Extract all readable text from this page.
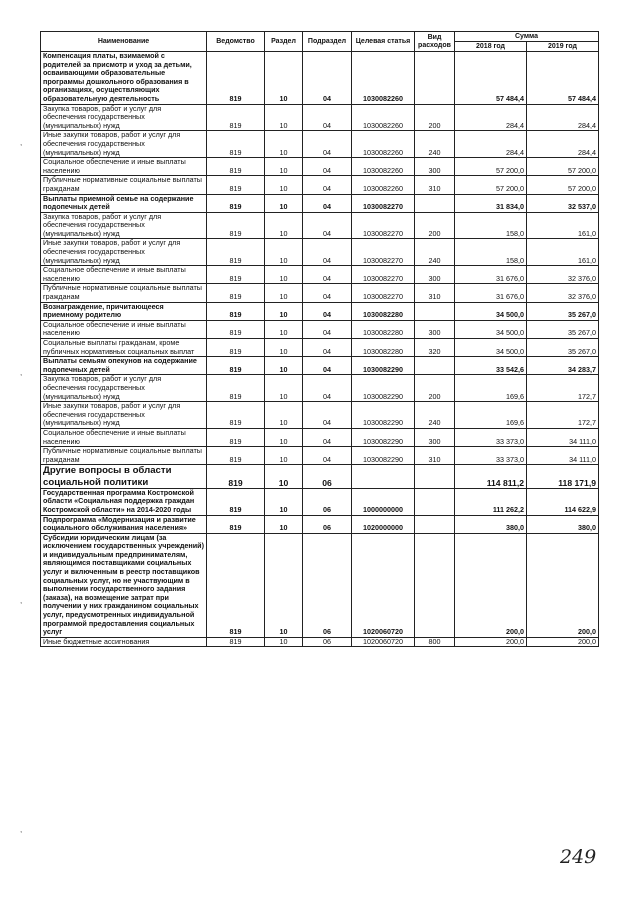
Наименование	Ведомство	Раздел	Подраздел	Целевая статья	Вид расходов	Сумма	
						2018 год	2019 год
Компенсация платы, взимаемой с родителей за присмотр и уход за детьми, осваивающими образовательные программы дошкольного образования в организациях, осуществляющих образовательную деятельность	819	10	04	1030082260		57 484,4	57 484,4
Закупка товаров, работ и услуг для обеспечения государственных (муниципальных) нужд	819	10	04	1030082260	200	284,4	284,4
Иные закупки товаров, работ и услуг для обеспечения государственных (муниципальных) нужд	819	10	04	1030082260	240	284,4	284,4
Социальное обеспечение и иные выплаты населению	819	10	04	1030082260	300	57 200,0	57 200,0
Публичные нормативные социальные выплаты гражданам	819	10	04	1030082260	310	57 200,0	57 200,0
Выплаты приемной семье на содержание подопечных детей	819	10	04	1030082270		31 834,0	32 537,0
Закупка товаров, работ и услуг для обеспечения государственных (муниципальных) нужд	819	10	04	1030082270	200	158,0	161,0
Иные закупки товаров, работ и услуг для обеспечения государственных (муниципальных) нужд	819	10	04	1030082270	240	158,0	161,0
Социальное обеспечение и иные выплаты населению	819	10	04	1030082270	300	31 676,0	32 376,0
Публичные нормативные социальные выплаты гражданам	819	10	04	1030082270	310	31 676,0	32 376,0
Вознаграждение, причитающееся приемному родителю	819	10	04	1030082280		34 500,0	35 267,0
Социальное обеспечение и иные выплаты населению	819	10	04	1030082280	300	34 500,0	35 267,0
Социальные выплаты гражданам, кроме публичных нормативных социальных выплат	819	10	04	1030082280	320	34 500,0	35 267,0
Выплаты семьям опекунов на содержание подопечных детей	819	10	04	1030082290		33 542,6	34 283,7
Закупка товаров, работ и услуг для обеспечения государственных (муниципальных) нужд	819	10	04	1030082290	200	169,6	172,7
Иные закупки товаров, работ и услуг для обеспечения государственных (муниципальных) нужд	819	10	04	1030082290	240	169,6	172,7
Социальное обеспечение и иные выплаты населению	819	10	04	1030082290	300	33 373,0	34 111,0
Публичные нормативные социальные выплаты гражданам	819	10	04	1030082290	310	33 373,0	34 111,0
Другие вопросы в области социальной политики	819	10	06			114 811,2	118 171,9
Государственная программа Костромской области «Социальная поддержка граждан Костромской области» на 2014-2020 годы	819	10	06	1000000000		111 262,2	114 622,9
Подпрограмма «Модернизация и развитие социального обслуживания населения»	819	10	06	1020000000		380,0	380,0
Субсидии юридическим лицам (за исключением государственных учреждений) и индивидуальным предпринимателям, являющимся поставщиками социальных услуг и включенным в реестр поставщиков социальных услуг, но не участвующим в выполнении государственного задания (заказа), на возмещение затрат при получении у них гражданином социальных услуг, предусмотренных индивидуальной программой предоставления социальных услуг	819	10	06	1020060720		200,0	200,0
Иные бюджетные ассигнования	819	10	06	1020060720	800	200,0	200,0
,
,
,
,
249
